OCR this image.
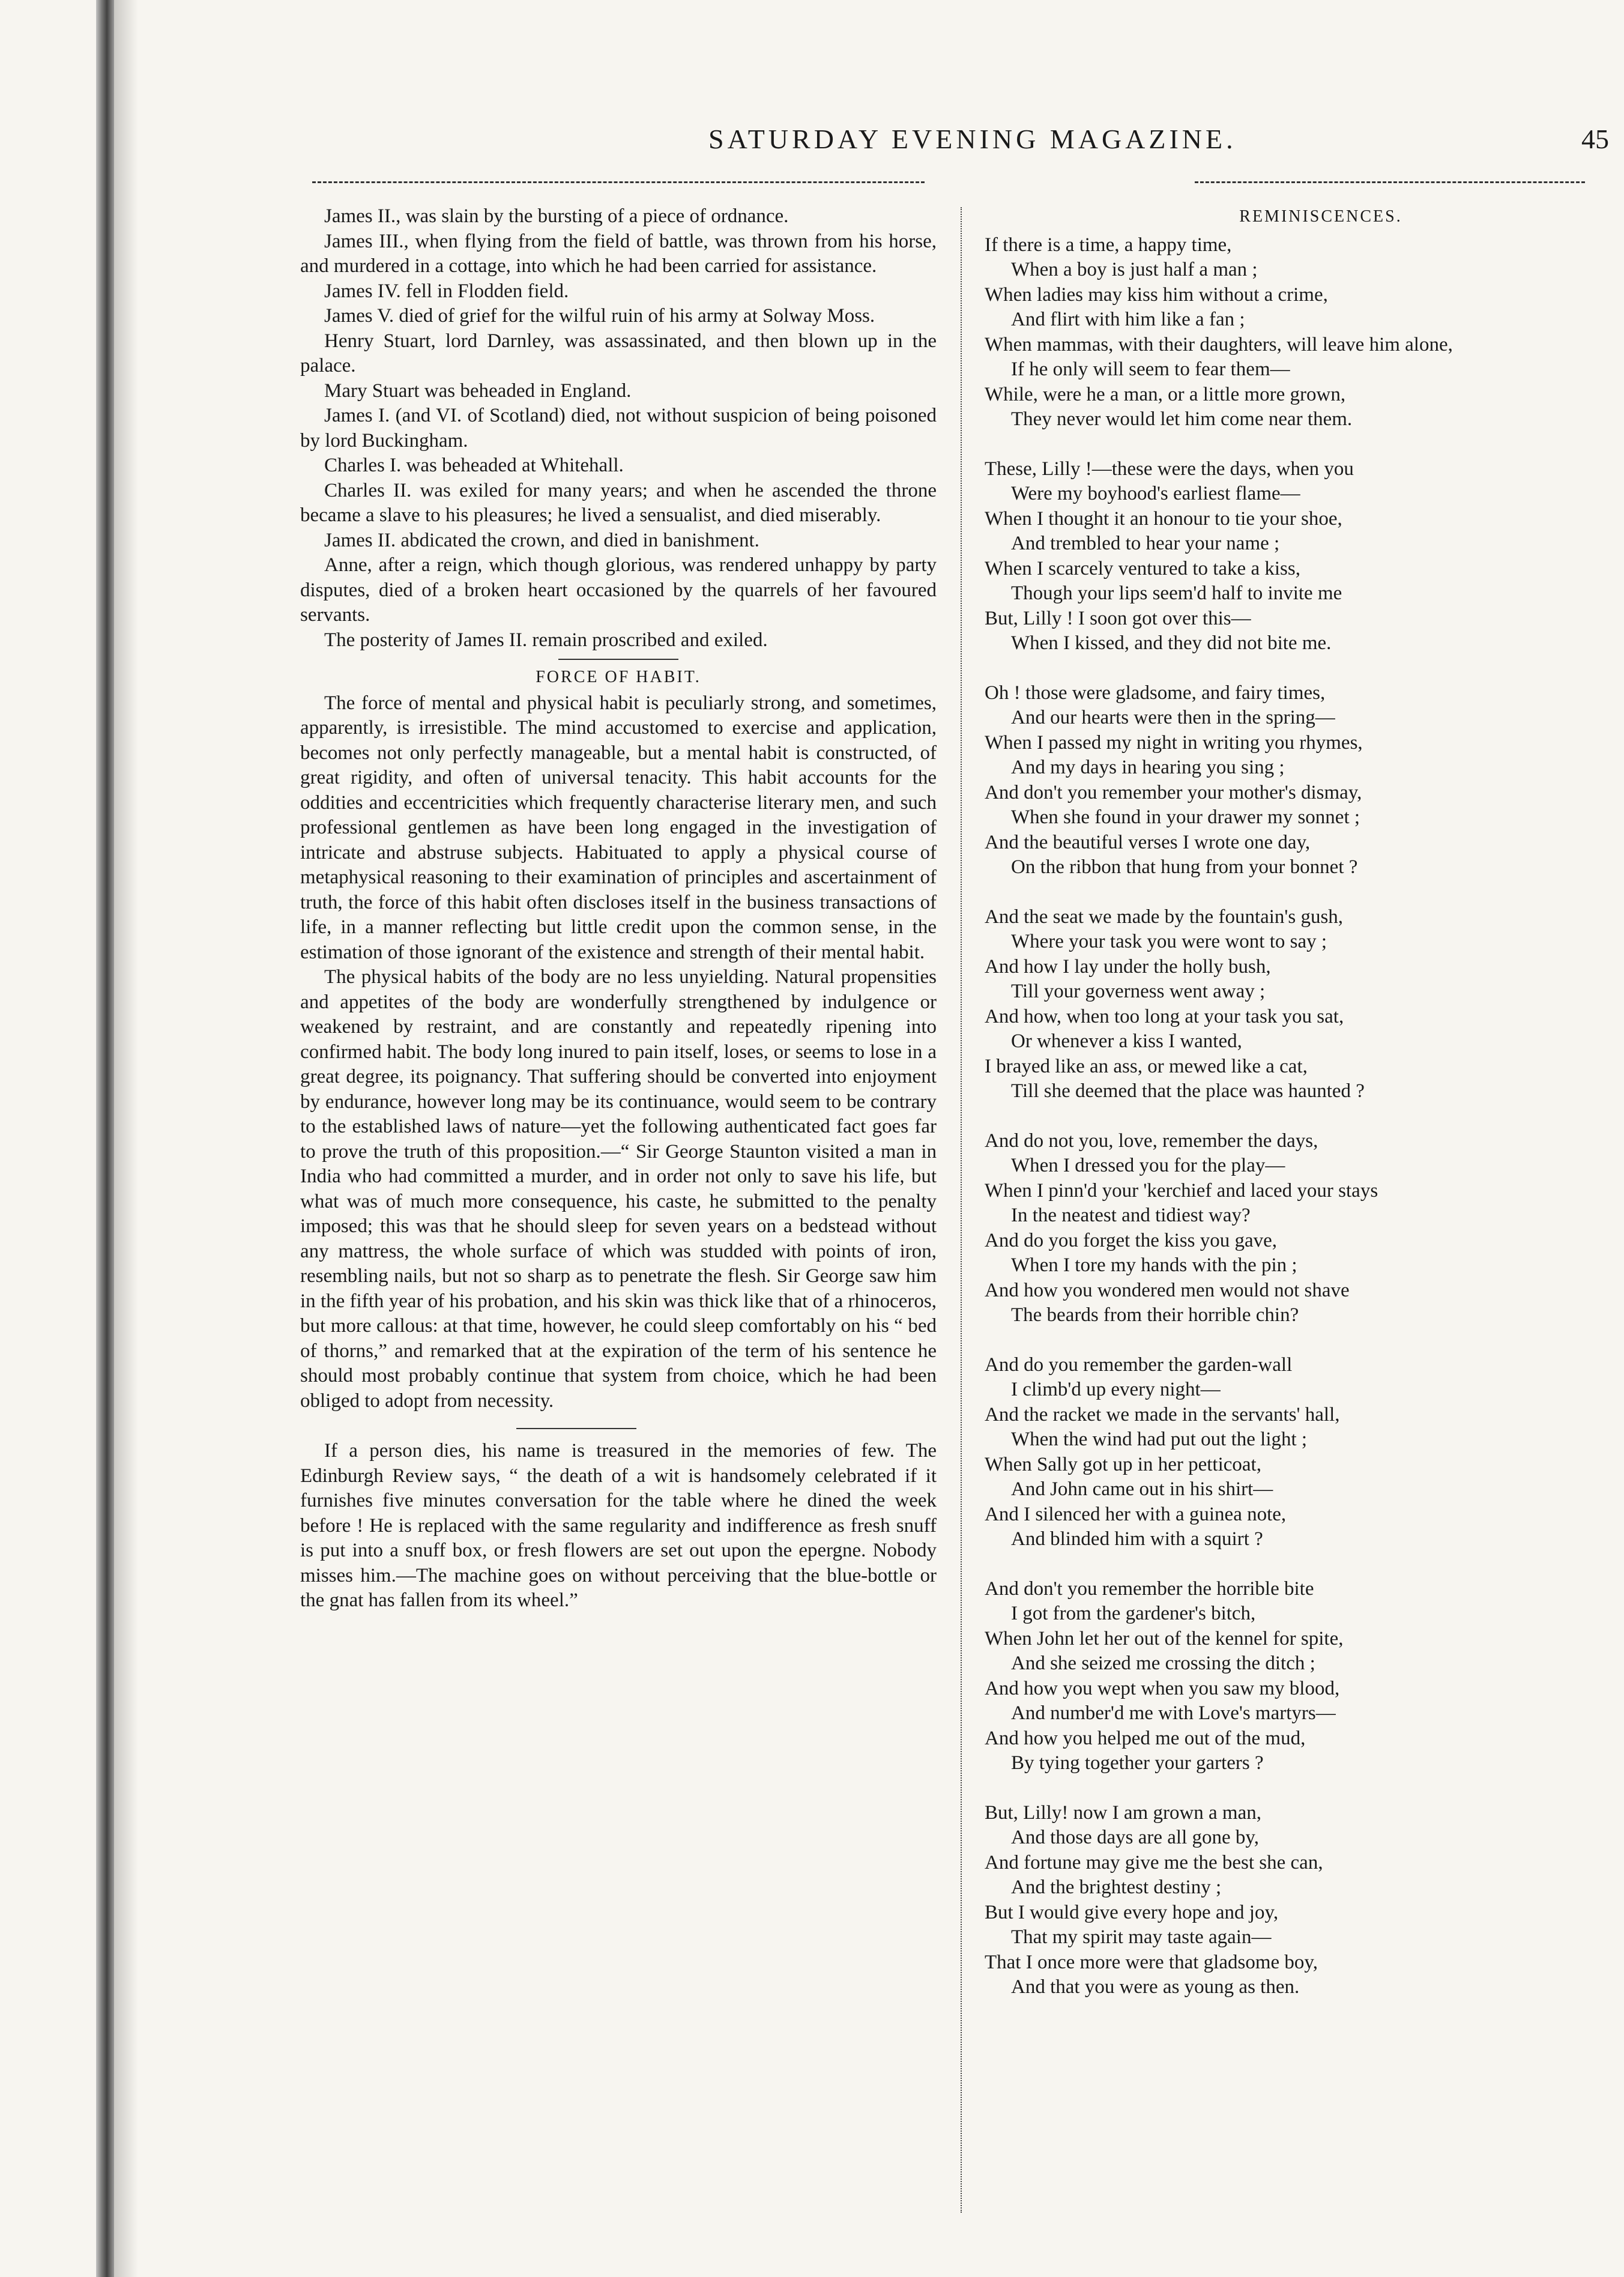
SATURDAY EVENING MAGAZINE.	45

James II., was slain by the bursting of a piece of ordnance.

James III., when flying from the field of battle, was thrown from his horse, and murdered in a cottage, into which he had been carried for assistance.

James IV. fell in Flodden field.

James V. died of grief for the wilful ruin of his army at Solway Moss.

Henry Stuart, lord Darnley, was assassinated, and then blown up in the palace.

Mary Stuart was beheaded in England.

James I. (and VI. of Scotland) died, not without suspicion of being poisoned by lord Buckingham.

Charles I. was beheaded at Whitehall.

Charles II. was exiled for many years; and when he ascended the throne became a slave to his pleasures; he lived a sensualist, and died miserably.

James II. abdicated the crown, and died in banishment.

Anne, after a reign, which though glorious, was rendered unhappy by party disputes, died of a broken heart occasioned by the quarrels of her favoured servants.

The posterity of James II. remain proscribed and exiled.

FORCE OF HABIT.

The force of mental and physical habit is peculiarly strong, and sometimes, apparently, is irresistible. The mind accustomed to exercise and application, becomes not only perfectly manageable, but a mental habit is constructed, of great rigidity, and often of universal tenacity. This habit accounts for the oddities and eccentricities which frequently characterise literary men, and such professional gentlemen as have been long engaged in the investigation of intricate and abstruse subjects. Habituated to apply a physical course of metaphysical reasoning to their examination of principles and ascertainment of truth, the force of this habit often discloses itself in the business transactions of life, in a manner reflecting but little credit upon the common sense, in the estimation of those ignorant of the existence and strength of their mental habit.

The physical habits of the body are no less unyielding. Natural propensities and appetites of the body are wonderfully strengthened by indulgence or weakened by restraint, and are constantly and repeatedly ripening into confirmed habit. The body long inured to pain itself, loses, or seems to lose in a great degree, its poignancy. That suffering should be converted into enjoyment by endurance, however long may be its continuance, would seem to be contrary to the established laws of nature—yet the following authenticated fact goes far to prove the truth of this proposition.—“ Sir George Staunton visited a man in India who had committed a murder, and in order not only to save his life, but what was of much more consequence, his caste, he submitted to the penalty imposed; this was that he should sleep for seven years on a bedstead without any mattress, the whole surface of which was studded with points of iron, resembling nails, but not so sharp as to penetrate the flesh. Sir George saw him in the fifth year of his probation, and his skin was thick like that of a rhinoceros, but more callous: at that time, however, he could sleep comfortably on his “ bed of thorns,” and remarked that at the expiration of the term of his sentence he should most probably continue that system from choice, which he had been obliged to adopt from necessity.

If a person dies, his name is treasured in the memories of few. The Edinburgh Review says, “ the death of a wit is handsomely celebrated if it furnishes five minutes conversation for the table where he dined the week before ! He is replaced with the same regularity and indifference as fresh snuff is put into a snuff box, or fresh flowers are set out upon the epergne. Nobody misses him.—The machine goes on without perceiving that the blue-bottle or the gnat has fallen from its wheel.”

REMINISCENCES.
If there is a time, a happy time,
When a boy is just half a man ;
When ladies may kiss him without a crime,
And flirt with him like a fan ;
When mammas, with their daughters, will leave him alone,
If he only will seem to fear them—
While, were he a man, or a little more grown,
They never would let him come near them.
These, Lilly !—these were the days, when you
Were my boyhood's earliest flame—
When I thought it an honour to tie your shoe,
And trembled to hear your name ;
When I scarcely ventured to take a kiss,
Though your lips seem'd half to invite me
But, Lilly ! I soon got over this—
When I kissed, and they did not bite me.
Oh ! those were gladsome, and fairy times,
And our hearts were then in the spring—
When I passed my night in writing you rhymes,
And my days in hearing you sing ;
And don't you remember your mother's dismay,
When she found in your drawer my sonnet ;
And the beautiful verses I wrote one day,
On the ribbon that hung from your bonnet ?
And the seat we made by the fountain's gush,
Where your task you were wont to say ;
And how I lay under the holly bush,
Till your governess went away ;
And how, when too long at your task you sat,
Or whenever a kiss I wanted,
I brayed like an ass, or mewed like a cat,
Till she deemed that the place was haunted ?
And do not you, love, remember the days,
When I dressed you for the play—
When I pinn'd your 'kerchief and laced your stays
In the neatest and tidiest way?
And do you forget the kiss you gave,
When I tore my hands with the pin ;
And how you wondered men would not shave
The beards from their horrible chin?
And do you remember the garden-wall
I climb'd up every night—
And the racket we made in the servants' hall,
When the wind had put out the light ;
When Sally got up in her petticoat,
And John came out in his shirt—
And I silenced her with a guinea note,
And blinded him with a squirt ?
And don't you remember the horrible bite
I got from the gardener's bitch,
When John let her out of the kennel for spite,
And she seized me crossing the ditch ;
And how you wept when you saw my blood,
And number'd me with Love's martyrs—
And how you helped me out of the mud,
By tying together your garters ?
But, Lilly! now I am grown a man,
And those days are all gone by,
And fortune may give me the best she can,
And the brightest destiny ;
But I would give every hope and joy,
That my spirit may taste again—
That I once more were that gladsome boy,
And that you were as young as then.
